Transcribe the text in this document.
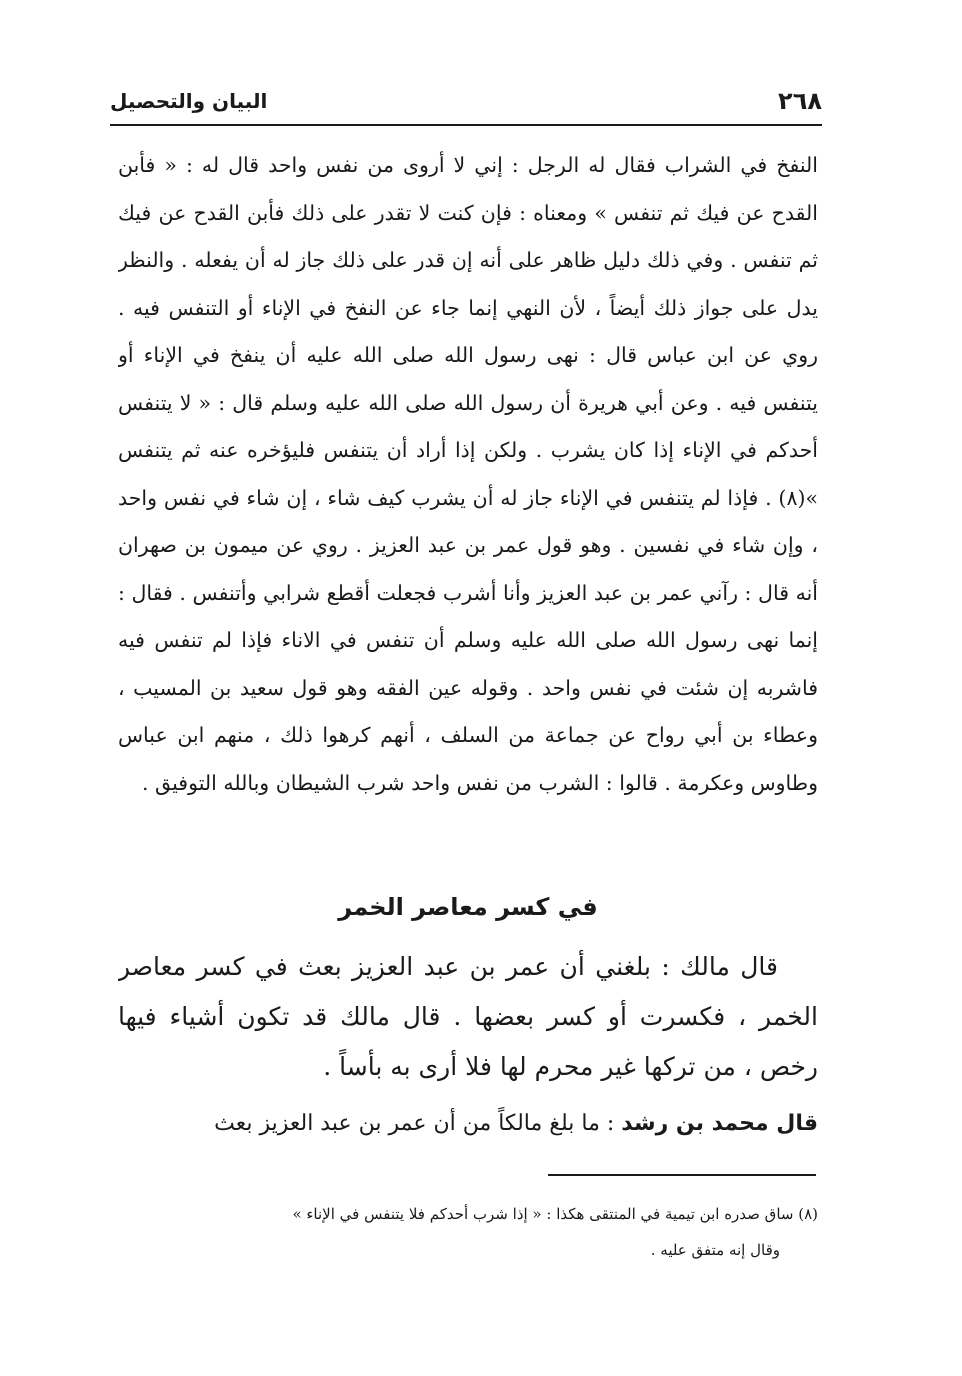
٢٦٨
البيان والتحصيل

النفخ في الشراب فقال له الرجل : إني لا أروى من نفس واحد قال له : « فأبن القدح عن فيك ثم تنفس » ومعناه : فإن كنت لا تقدر على ذلك فأبن القدح عن فيك ثم تنفس . وفي ذلك دليل ظاهر على أنه إن قدر على ذلك جاز له أن يفعله . والنظر يدل على جواز ذلك أيضاً ، لأن النهي إنما جاء عن النفخ في الإناء أو التنفس فيه . روي عن ابن عباس قال : نهى رسول الله صلى الله عليه أن ينفخ في الإناء أو يتنفس فيه . وعن أبي هريرة أن رسول الله صلى الله عليه وسلم قال : « لا يتنفس أحدكم في الإناء إذا كان يشرب . ولكن إذا أراد أن يتنفس فليؤخره عنه ثم يتنفس »(٨) . فإذا لم يتنفس في الإناء جاز له أن يشرب كيف شاء ، إن شاء في نفس واحد ، وإن شاء في نفسين . وهو قول عمر بن عبد العزيز . روي عن ميمون بن صهران أنه قال : رآني عمر بن عبد العزيز وأنا أشرب فجعلت أقطع شرابي وأتنفس . فقال : إنما نهى رسول الله صلى الله عليه وسلم أن تنفس في الاناء فإذا لم تنفس فيه فاشربه إن شئت في نفس واحد . وقوله عين الفقه وهو قول سعيد بن المسيب ، وعطاء بن أبي رواح عن جماعة من السلف ، أنهم كرهوا ذلك ، منهم ابن عباس وطاوس وعكرمة . قالوا : الشرب من نفس واحد شرب الشيطان وبالله التوفيق .

في كسر معاصر الخمر

قال مالك : بلغني أن عمر بن عبد العزيز بعث في كسر معاصر الخمر ، فكسرت أو كسر بعضها . قال مالك قد تكون أشياء فيها رخص ، من تركها غير محرم لها فلا أرى به بأساً .

قال محمد بن رشد : ما بلغ مالكاً من أن عمر بن عبد العزيز بعث

(٨) ساق صدره ابن تيمية في المنتقى هكذا : « إذا شرب أحدكم فلا يتنفس في الإناء »

وقال إنه متفق عليه .
